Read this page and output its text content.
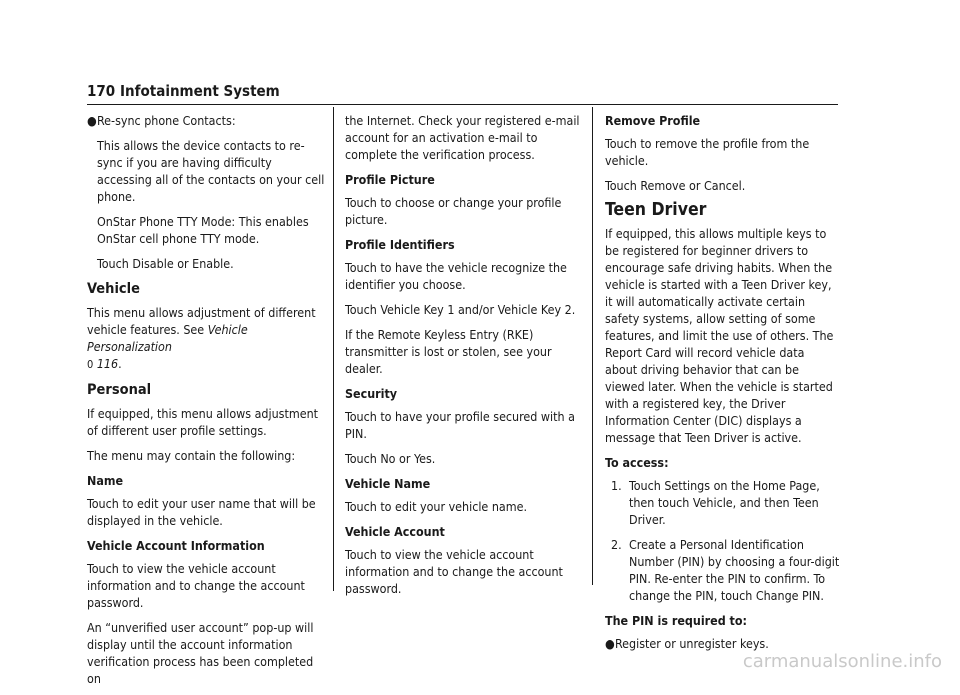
170 Infotainment System
● Re-sync phone Contacts:

This allows the device contacts to re-sync if you are having difficulty accessing all of the contacts on your cell phone.

OnStar Phone TTY Mode: This enables OnStar cell phone TTY mode.

Touch Disable or Enable.

Vehicle

This menu allows adjustment of different vehicle features. See Vehicle Personalization
0 116.

Personal

If equipped, this menu allows adjustment of different user profile settings.

The menu may contain the following:

Name

Touch to edit your user name that will be displayed in the vehicle.

Vehicle Account Information

Touch to view the vehicle account information and to change the account password.

An “unverified user account” pop-up will display until the account information verification process has been completed on

the Internet. Check your registered e-mail account for an activation e-mail to complete the verification process.

Profile Picture

Touch to choose or change your profile picture.

Profile Identifiers

Touch to have the vehicle recognize the identifier you choose.

Touch Vehicle Key 1 and/or Vehicle Key 2.

If the Remote Keyless Entry (RKE) transmitter is lost or stolen, see your dealer.

Security

Touch to have your profile secured with a PIN.

Touch No or Yes.

Vehicle Name

Touch to edit your vehicle name.

Vehicle Account

Touch to view the vehicle account information and to change the account password.

Remove Profile

Touch to remove the profile from the vehicle.

Touch Remove or Cancel.

Teen Driver

If equipped, this allows multiple keys to be registered for beginner drivers to encourage safe driving habits. When the vehicle is started with a Teen Driver key, it will automatically activate certain safety systems, allow setting of some features, and limit the use of others. The Report Card will record vehicle data about driving behavior that can be viewed later. When the vehicle is started with a registered key, the Driver Information Center (DIC) displays a message that Teen Driver is active.

To access:

1. Touch Settings on the Home Page, then touch Vehicle, and then Teen Driver.
2. Create a Personal Identification Number (PIN) by choosing a four-digit PIN. Re-enter the PIN to confirm. To change the PIN, touch Change PIN.

The PIN is required to:

● Register or unregister keys.
carmanualsonline.info
